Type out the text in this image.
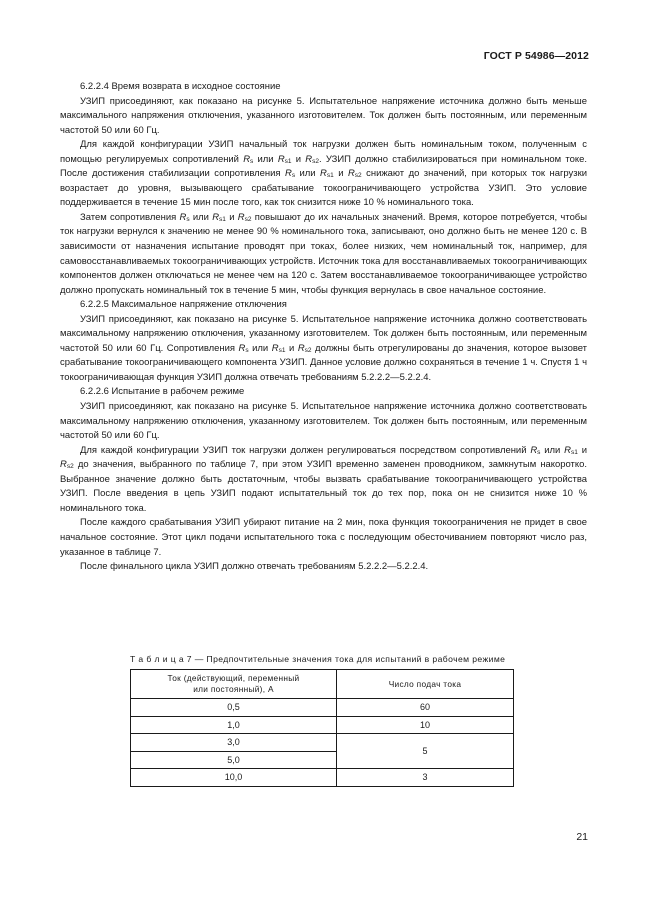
ГОСТ Р 54986—2012

6.2.2.4 Время возврата в исходное состояние

УЗИП присоединяют, как показано на рисунке 5. Испытательное напряжение источника должно быть меньше максимального напряжения отключения, указанного изготовителем. Ток должен быть постоянным, или переменным частотой 50 или 60 Гц.

Для каждой конфигурации УЗИП начальный ток нагрузки должен быть номинальным током, полученным с помощью регулируемых сопротивлений $R_s$ или $R_{s1}$ и $R_{s2}$. УЗИП должно стабилизироваться при номинальном токе. После достижения стабилизации сопротивления $R_s$ или $R_{s1}$ и $R_{s2}$ снижают до значений, при которых ток нагрузки возрастает до уровня, вызывающего срабатывание токоограничивающего устройства УЗИП. Это условие поддерживается в течение 15 мин после того, как ток снизится ниже 10 % номинального тока.

Затем сопротивления $R_s$ или $R_{s1}$ и $R_{s2}$ повышают до их начальных значений. Время, которое потребуется, чтобы ток нагрузки вернулся к значению не менее 90 % номинального тока, записывают, оно должно быть не менее 120 с. В зависимости от назначения испытание проводят при токах, более низких, чем номинальный ток, например, для самовосстанавливаемых токоограничивающих устройств. Источник тока для восстанавливаемых токоограничивающих компонентов должен отключаться не менее чем на 120 с. Затем восстанавливаемое токоограничивающее устройство должно пропускать номинальный ток в течение 5 мин, чтобы функция вернулась в свое начальное состояние.

6.2.2.5 Максимальное напряжение отключения

УЗИП присоединяют, как показано на рисунке 5. Испытательное напряжение источника должно соответствовать максимальному напряжению отключения, указанному изготовителем. Ток должен быть постоянным, или переменным частотой 50 или 60 Гц. Сопротивления $R_s$ или $R_{s1}$ и $R_{s2}$ должны быть отрегулированы до значения, которое вызовет срабатывание токоограничивающего компонента УЗИП. Данное условие должно сохраняться в течение 1 ч. Спустя 1 ч токоограничивающая функция УЗИП должна отвечать требованиям 5.2.2.2—5.2.2.4.

6.2.2.6 Испытание в рабочем режиме

УЗИП присоединяют, как показано на рисунке 5. Испытательное напряжение источника должно соответствовать максимальному напряжению отключения, указанному изготовителем. Ток должен быть постоянным, или переменным частотой 50 или 60 Гц.

Для каждой конфигурации УЗИП ток нагрузки должен регулироваться посредством сопротивлений $R_s$ или $R_{s1}$ и $R_{s2}$ до значения, выбранного по таблице 7, при этом УЗИП временно заменен проводником, замкнутым накоротко. Выбранное значение должно быть достаточным, чтобы вызвать срабатывание токоограничивающего устройства УЗИП. После введения в цепь УЗИП подают испытательный ток до тех пор, пока он не снизится ниже 10 % номинального тока.

После каждого срабатывания УЗИП убирают питание на 2 мин, пока функция токоограничения не придет в свое начальное состояние. Этот цикл подачи испытательного тока с последующим обесточиванием повторяют число раз, указанное в таблице 7.

После финального цикла УЗИП должно отвечать требованиям 5.2.2.2—5.2.2.4.

Т а б л и ц а 7 — Предпочтительные значения тока для испытаний в рабочем режиме
Ток (действующий, переменный или постоянный), А	Число подач тока
0,5	60
1,0	10
3,0	5
5,0	
10,0	3
21
